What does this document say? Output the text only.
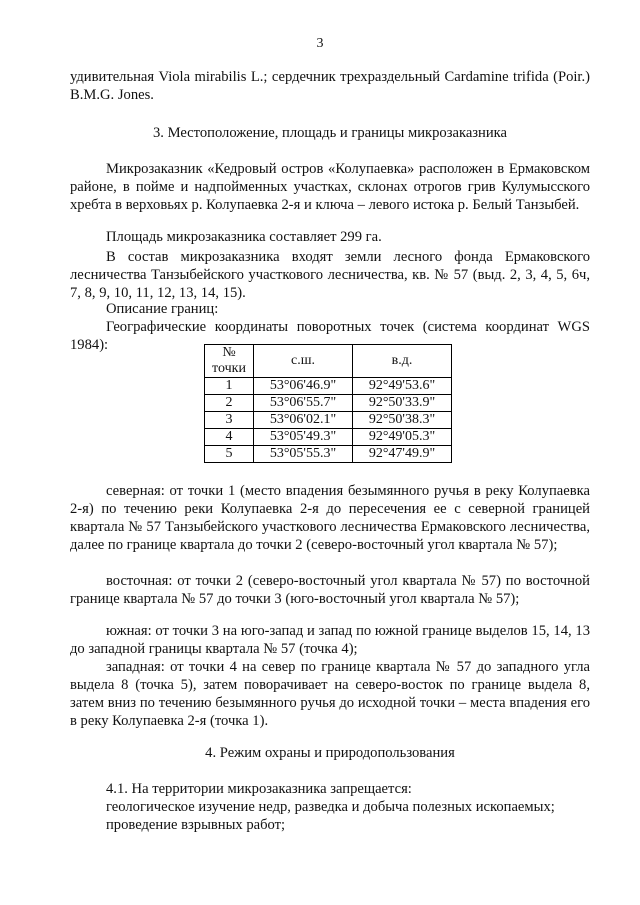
3
удивительная Viola mirabilis L.; сердечник трехраздельный Cardamine trifida (Poir.) B.M.G. Jones.
3. Местоположение, площадь и границы микрозаказника
Микрозаказник «Кедровый остров «Колупаевка» расположен в Ермаковском районе, в пойме и надпойменных участках, склонах отрогов грив Кулумысского хребта в верховьях р. Колупаевка 2-я и ключа – левого истока р. Белый Танзыбей.
Площадь микрозаказника составляет 299 га.
В состав микрозаказника входят земли лесного фонда Ермаковского лесничества Танзыбейского участкового лесничества, кв. № 57 (выд. 2, 3, 4, 5, 6ч, 7, 8, 9, 10, 11, 12, 13, 14, 15).
Описание границ:
Географические координаты поворотных точек (система координат WGS 1984):	№ точки	с.ш.	в.д.
1	53°06'46.9"	92°49'53.6"
2	53°06'55.7"	92°50'33.9"
3	53°06'02.1"	92°50'38.3"
4	53°05'49.3"	92°49'05.3"
5	53°05'55.3"	92°47'49.9"
северная: от точки 1 (место впадения безымянного ручья в реку Колупаевка 2-я) по течению реки Колупаевка 2-я до пересечения ее с северной границей квартала № 57 Танзыбейского участкового лесничества Ермаковского лесничества, далее по границе квартала до точки 2 (северо-восточный угол квартала № 57);
восточная: от точки 2 (северо-восточный угол квартала № 57) по восточной границе квартала № 57 до точки 3 (юго-восточный угол квартала № 57);
южная: от точки 3 на юго-запад и запад по южной границе выделов 15, 14, 13 до западной границы квартала № 57 (точка 4);
западная: от точки 4 на север по границе квартала № 57 до западного угла выдела 8 (точка 5), затем поворачивает на северо-восток по границе выдела 8, затем вниз по течению безымянного ручья до исходной точки – места впадения его в реку Колупаевка 2-я (точка 1).
4. Режим охраны и природопользования
4.1. На территории микрозаказника запрещается:
геологическое изучение недр, разведка и добыча полезных ископаемых;
проведение взрывных работ;
